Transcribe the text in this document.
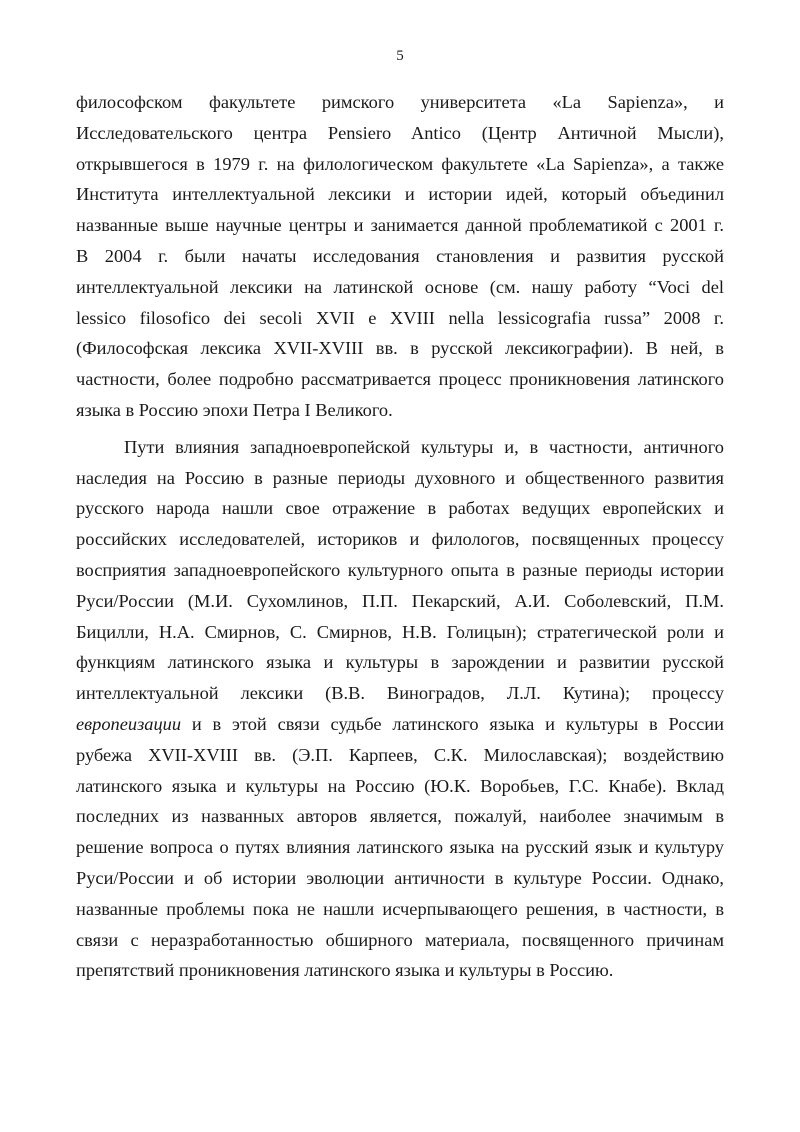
5
философском факультете римского университета «La Sapienza», и
Исследовательского центра Pensiero Antico (Центр Античной Мысли),
открывшегося в 1979 г. на филологическом факультете «La Sapienza», а также
Института интеллектуальной лексики и истории идей, который объединил
названные выше научные центры и занимается данной проблематикой с 2001 г.
В 2004 г. были начаты исследования становления и развития русской
интеллектуальной лексики на латинской основе (см. нашу работу “Voci del
lessico filosofico dei secoli XVII e XVIII nella lessicografia russa” 2008 г.
(Философская лексика XVII-XVIII вв. в русской лексикографии). В ней, в
частности, более подробно рассматривается процесс проникновения латинского
языка в Россию эпохи Петра I Великого.
Пути влияния западноевропейской культуры и, в частности, античного
наследия на Россию в разные периоды духовного и общественного развития
русского народа нашли свое отражение в работах ведущих европейских и
российских исследователей, историков и филологов, посвященных процессу
восприятия западноевропейского культурного опыта в разные периоды истории
Руси/России (М.И. Сухомлинов, П.П. Пекарский, А.И. Соболевский, П.М.
Бицилли, Н.А. Смирнов, С. Смирнов, Н.В. Голицын); стратегической роли и
функциям латинского языка и культуры в зарождении и развитии русской
интеллектуальной лексики (В.В. Виноградов, Л.Л. Кутина); процессу
европеизации и в этой связи судьбе латинского языка и культуры в России
рубежа XVII-XVIII вв. (Э.П. Карпеев, С.К. Милославская); воздействию
латинского языка и культуры на Россию (Ю.К. Воробьев, Г.С. Кнабе). Вклад
последних из названных авторов является, пожалуй, наиболее значимым в
решение вопроса о путях влияния латинского языка на русский язык и культуру
Руси/России и об истории эволюции античности в культуре России. Однако,
названные проблемы пока не нашли исчерпывающего решения, в частности, в
связи с неразработанностью обширного материала, посвященного причинам
препятствий проникновения латинского языка и культуры в Россию.
